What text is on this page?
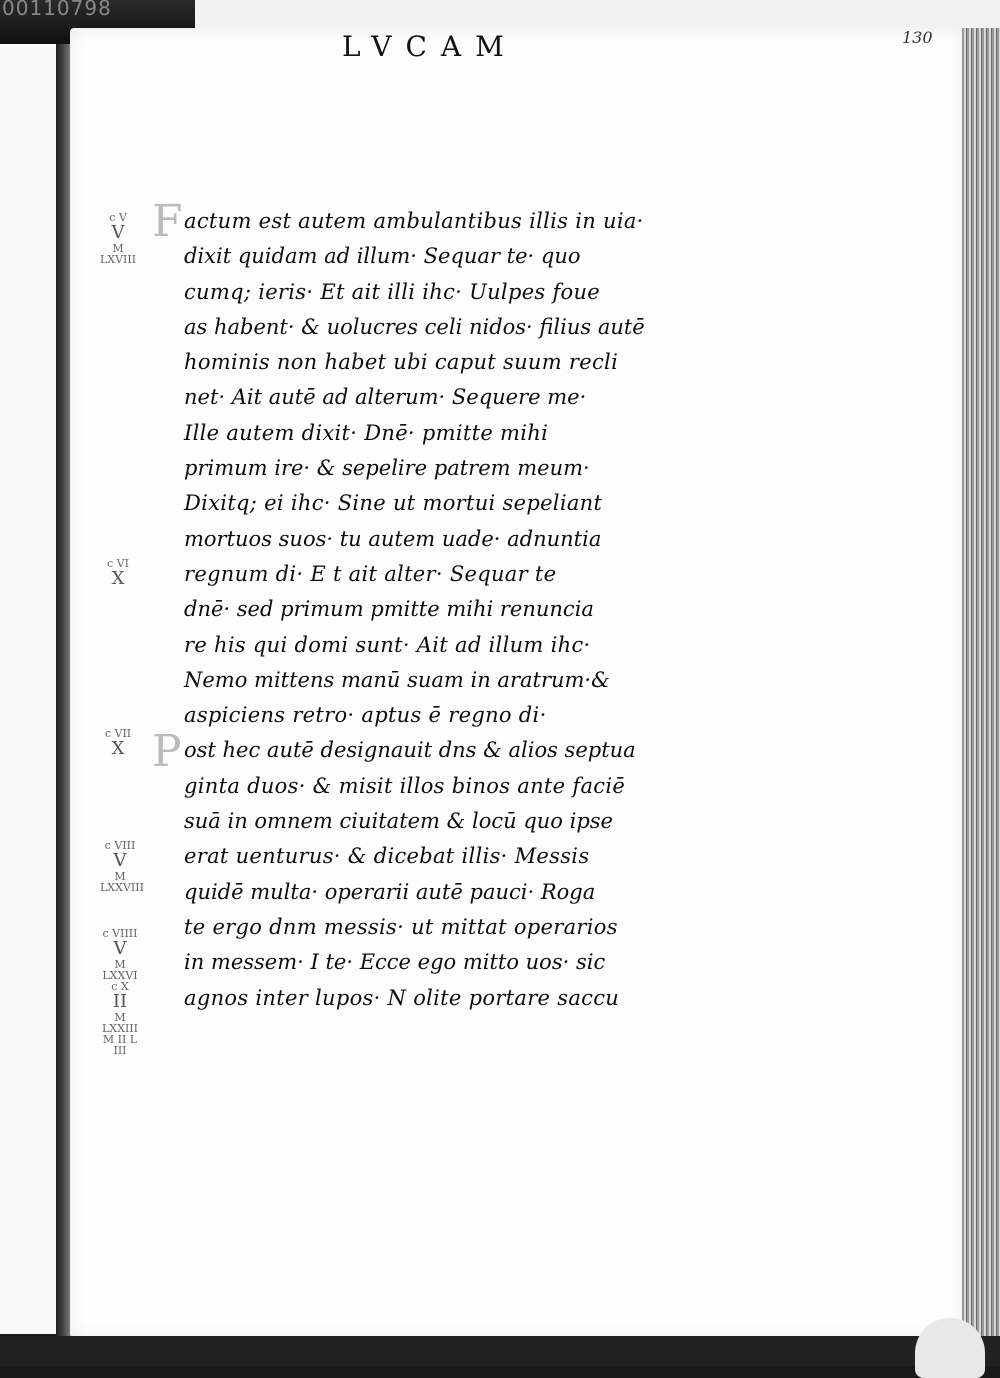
00110798
LVCAM	130
c V
V
M LXVIII
c VI
X
c VII
X
c VIII
V
M LXXVIII
c VIIII
V
M LXXVI
c X
II
M LXXIII
M II L III
F
P
actum est autem ambulantibus illis in uia·
dixit quidam ad illum· Sequar te· quo
cumq; ieris· Et ait illi ihc· Uulpes foue
as habent· & uolucres celi nidos· filius autē
hominis non habet ubi caput suum recli
net· Ait autē ad alterum· Sequere me·
Ille autem dixit· Dnē· pmitte mihi
primum ire· & sepelire patrem meum·
Dixitq; ei ihc· Sine ut mortui sepeliant
mortuos suos· tu autem uade· adnuntia
regnum di· E t ait alter· Sequar te
dnē· sed primum pmitte mihi renuncia
re his qui domi sunt· Ait ad illum ihc·
Nemo mittens manū suam in aratrum·&
aspiciens retro· aptus ē regno di·
ost hec autē designauit dns & alios septua
ginta duos· & misit illos binos ante faciē
suā in omnem ciuitatem & locū quo ipse
erat uenturus· & dicebat illis· Messis
quidē multa· operarii autē pauci· Roga
te ergo dnm messis· ut mittat operarios
in messem· I te· Ecce ego mitto uos· sic
agnos inter lupos· N olite portare saccu
